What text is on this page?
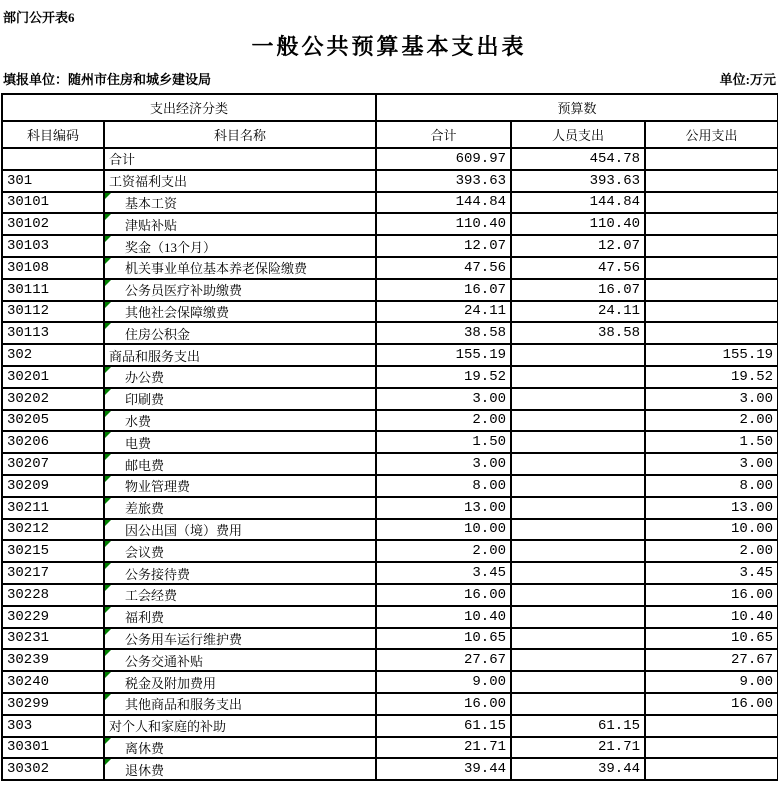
部门公开表6
一般公共预算基本支出表
填报单位：随州市住房和城乡建设局	单位:万元
支出经济分类		预算数		
科目编码	科目名称	合计	人员支出	公用支出
	合计	609.97	454.78	
301	工资福利支出	393.63	393.63	
30101	基本工资	144.84	144.84	
30102	津贴补贴	110.40	110.40	
30103	奖金（13个月）	12.07	12.07	
30108	机关事业单位基本养老保险缴费	47.56	47.56	
30111	公务员医疗补助缴费	16.07	16.07	
30112	其他社会保障缴费	24.11	24.11	
30113	住房公积金	38.58	38.58	
302	商品和服务支出	155.19		155.19
30201	办公费	19.52		19.52
30202	印刷费	3.00		3.00
30205	水费	2.00		2.00
30206	电费	1.50		1.50
30207	邮电费	3.00		3.00
30209	物业管理费	8.00		8.00
30211	差旅费	13.00		13.00
30212	因公出国（境）费用	10.00		10.00
30215	会议费	2.00		2.00
30217	公务接待费	3.45		3.45
30228	工会经费	16.00		16.00
30229	福利费	10.40		10.40
30231	公务用车运行维护费	10.65		10.65
30239	公务交通补贴	27.67		27.67
30240	税金及附加费用	9.00		9.00
30299	其他商品和服务支出	16.00		16.00
303	对个人和家庭的补助	61.15	61.15	
30301	离休费	21.71	21.71	
30302	退休费	39.44	39.44	
